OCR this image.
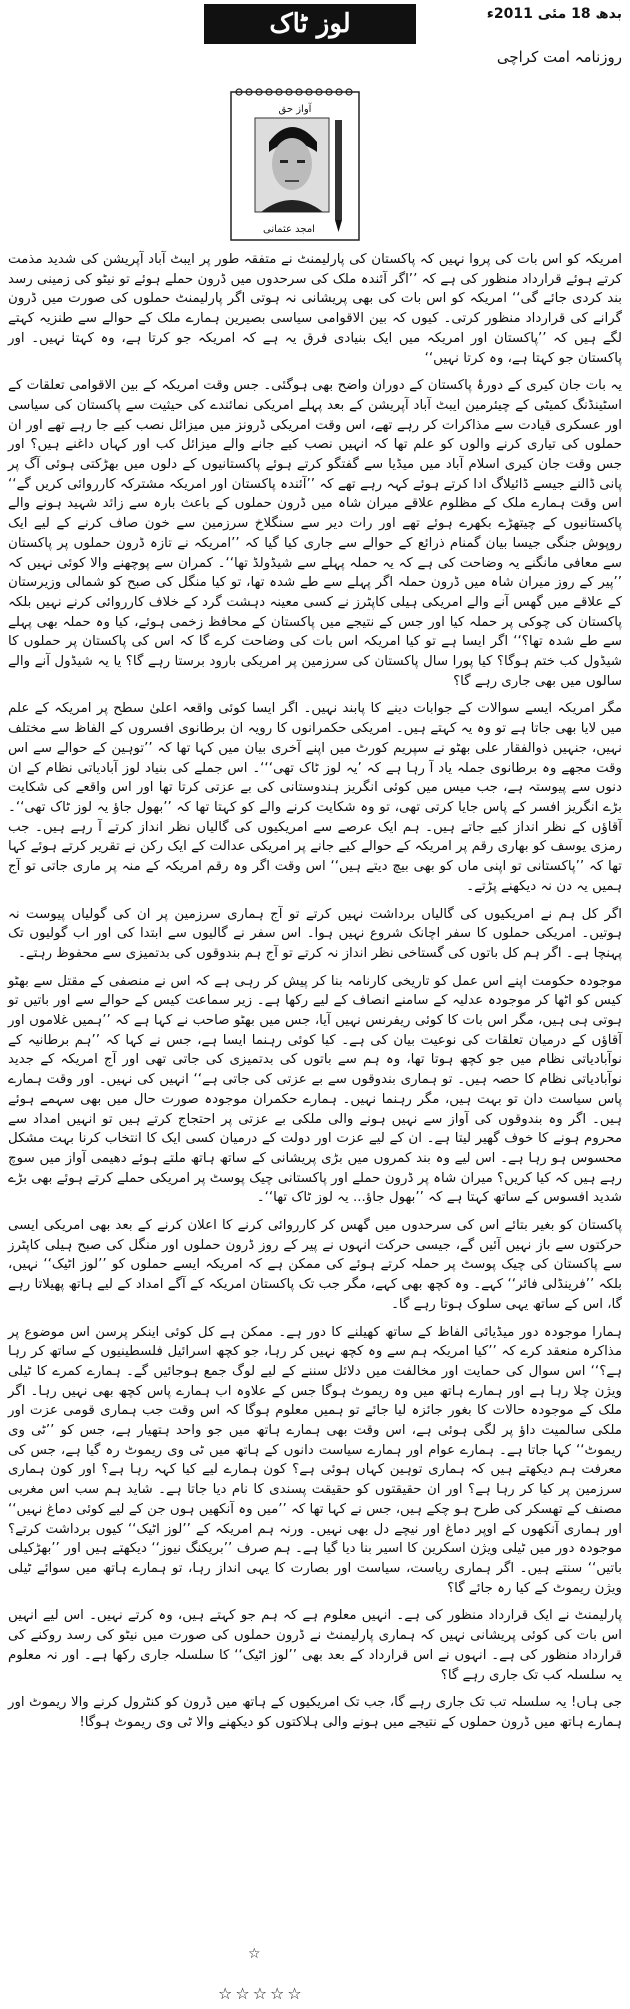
بدھ 18 مئی 2011ء
لوز ٹاک
روزنامہ امت کراچی
آواز حق
امجد عثمانی

امریکہ کو اس بات کی پروا نہیں کہ پاکستان کی پارلیمنٹ نے متفقہ طور پر ایبٹ آباد آپریشن کی شدید مذمت کرتے ہوئے قرارداد منظور کی ہے کہ ’’اگر آئندہ ملک کی سرحدوں میں ڈرون حملے ہوئے تو نیٹو کی زمینی رسد بند کردی جائے گی‘‘ امریکہ کو اس بات کی بھی پریشانی نہ ہوتی اگر پارلیمنٹ حملوں کی صورت میں ڈرون گرانے کی قرارداد منظور کرتی۔ کیوں کہ بین الاقوامی سیاسی بصیرین ہمارے ملک کے حوالے سے طنزیہ کہتے لگے ہیں کہ ’’پاکستان اور امریکہ میں ایک بنیادی فرق یہ ہے کہ امریکہ جو کرتا ہے، وہ کہتا نہیں۔ اور پاکستان جو کہتا ہے، وہ کرتا نہیں‘‘

یہ بات جان کیری کے دورۂ پاکستان کے دوران واضح بھی ہوگئی۔ جس وقت امریکہ کے بین الاقوامی تعلقات کے اسٹینڈنگ کمیٹی کے چیئرمین ایبٹ آباد آپریشن کے بعد پہلے امریکی نمائندے کی حیثیت سے پاکستان کی سیاسی اور عسکری قیادت سے مذاکرات کر رہے تھے، اس وقت امریکی ڈرونز میں میزائل نصب کیے جا رہے تھے اور ان حملوں کی تیاری کرنے والوں کو علم تھا کہ انہیں نصب کیے جانے والے میزائل کب اور کہاں داغنے ہیں؟ اور جس وقت جان کیری اسلام آباد میں میڈیا سے گفتگو کرتے ہوئے پاکستانیوں کے دلوں میں بھڑکتی ہوئی آگ پر پانی ڈالنے جیسے ڈائیلاگ ادا کرتے ہوئے کہہ رہے تھے کہ ’’آئندہ پاکستان اور امریکہ مشترکہ کارروائی کریں گے‘‘ اس وقت ہمارے ملک کے مظلوم علاقے میران شاہ میں ڈرون حملوں کے باعث بارہ سے زائد شہید ہونے والے پاکستانیوں کے چیتھڑے بکھرے ہوئے تھے اور رات دیر سے سنگلاخ سرزمین سے خون صاف کرنے کے لیے ایک روپوش جنگی جیسا بیان گمنام ذرائع کے حوالے سے جاری کیا گیا کہ ’’امریکہ نے تازہ ڈرون حملوں پر پاکستان سے معافی مانگنے یہ وضاحت کی ہے کہ یہ حملہ پہلے سے شیڈولڈ تھا‘‘۔ کمران سے پوچھنے والا کوئی نہیں کہ ’’پیر کے روز میران شاہ میں ڈرون حملہ اگر پہلے سے طے شدہ تھا، تو کیا منگل کی صبح کو شمالی وزیرستان کے علاقے میں گھس آنے والے امریکی ہیلی کاپٹرز نے کسی معینہ دہشت گرد کے خلاف کارروائی کرنے نہیں بلکہ پاکستان کی چوکی پر حملہ کیا اور جس کے نتیجے میں پاکستان کے محافظ زخمی ہوئے، کیا وہ حملہ بھی پہلے سے طے شدہ تھا؟‘‘ اگر ایسا ہے تو کیا امریکہ اس بات کی وضاحت کرے گا کہ اس کی پاکستان پر حملوں کا شیڈول کب ختم ہوگا؟ کیا پورا سال پاکستان کی سرزمین پر امریکی بارود برستا رہے گا؟ یا یہ شیڈول آنے والے سالوں میں بھی جاری رہے گا؟

مگر امریکہ ایسے سوالات کے جوابات دینے کا پابند نہیں۔ اگر ایسا کوئی واقعہ اعلیٰ سطح پر امریکہ کے علم میں لایا بھی جاتا ہے تو وہ یہ کہتے ہیں۔ امریکی حکمرانوں کا رویہ ان برطانوی افسروں کے الفاظ سے مختلف نہیں، جنہیں ذوالفقار علی بھٹو نے سپریم کورٹ میں اپنے آخری بیان میں کہا تھا کہ ’’توہین کے حوالے سے اس وقت مجھے وہ برطانوی جملہ یاد آ رہا ہے کہ ’یہ لوز ٹاک تھی‘‘‘۔ اس جملے کی بنیاد لوز آبادیاتی نظام کے ان دنوں سے پیوستہ ہے، جب میس میں کوئی انگریز ہندوستانی کی بے عزتی کرتا تھا اور اس واقعے کی شکایت بڑے انگریز افسر کے پاس جایا کرتی تھی، تو وہ شکایت کرنے والے کو کہتا تھا کہ ’’بھول جاؤ یہ لوز ٹاک تھی‘‘۔ آقاؤں کے نظر انداز کیے جاتے ہیں۔ ہم ایک عرصے سے امریکیوں کی گالیاں نظر انداز کرتے آ رہے ہیں۔ جب رمزی یوسف کو بھاری رقم پر امریکہ کے حوالے کیے جانے پر امریکی عدالت کے ایک رکن نے تقریر کرتے ہوئے کہا تھا کہ ’’پاکستانی تو اپنی ماں کو بھی بیچ دیتے ہیں‘‘ اس وقت اگر وہ رقم امریکہ کے منہ پر ماری جاتی تو آج ہمیں یہ دن نہ دیکھنے پڑتے۔

اگر کل ہم نے امریکیوں کی گالیاں برداشت نہیں کرتے تو آج ہماری سرزمین پر ان کی گولیاں پیوست نہ ہوتیں۔ امریکی حملوں کا سفر اچانک شروع نہیں ہوا۔ اس سفر نے گالیوں سے ابتدا کی اور اب گولیوں تک پہنچا ہے۔ اگر ہم کل باتوں کی گستاخی نظر انداز نہ کرتے تو آج ہم بندوقوں کی بدتمیزی سے محفوظ رہتے۔

موجودہ حکومت اپنے اس عمل کو تاریخی کارنامہ بنا کر پیش کر رہی ہے کہ اس نے منصفی کے مقتل سے بھٹو کیس کو اٹھا کر موجودہ عدلیہ کے سامنے انصاف کے لیے رکھا ہے۔ زیر سماعت کیس کے حوالے سے اور باتیں تو ہوتی ہی ہیں، مگر اس بات کا کوئی ریفرنس نہیں آیا، جس میں بھٹو صاحب نے کہا ہے کہ ’’ہمیں غلاموں اور آقاؤں کے درمیان تعلقات کی نوعیت بیان کی ہے۔ کیا کوئی رہنما ایسا ہے، جس نے کہا کہ ’’ہم برطانیہ کے نوآبادیاتی نظام میں جو کچھ ہوتا تھا، وہ ہم سے باتوں کی بدتمیزی کی جاتی تھی اور آج امریکہ کے جدید نوآبادیاتی نظام کا حصہ ہیں۔ تو ہماری بندوقوں سے بے عزتی کی جاتی ہے‘‘ انہیں کی نہیں۔ اور وقت ہمارے پاس سیاست دان تو بہت ہیں، مگر رہنما نہیں۔ ہمارے حکمران موجودہ صورت حال میں بھی سہمے ہوئے ہیں۔ اگر وہ بندوقوں کی آواز سے نہیں ہونے والی ملکی بے عزتی پر احتجاج کرتے ہیں تو انہیں امداد سے محروم ہونے کا خوف گھیر لیتا ہے۔ ان کے لیے عزت اور دولت کے درمیان کسی ایک کا انتخاب کرنا بہت مشکل محسوس ہو رہا ہے۔ اس لیے وہ بند کمروں میں بڑی پریشانی کے ساتھ ہاتھ ملتے ہوئے دھیمی آواز میں سوچ رہے ہیں کہ کیا کریں؟ میران شاہ پر ڈرون حملے اور پاکستانی چیک پوسٹ پر امریکی حملے کرتے ہوئے بھی بڑے شدید افسوس کے ساتھ کہتا ہے کہ ’’بھول جاؤ... یہ لوز ٹاک تھا‘‘۔

پاکستان کو بغیر بتائے اس کی سرحدوں میں گھس کر کارروائی کرنے کا اعلان کرنے کے بعد بھی امریکی ایسی حرکتوں سے باز نہیں آئیں گے، جیسی حرکت انہوں نے پیر کے روز ڈرون حملوں اور منگل کی صبح ہیلی کاپٹرز سے پاکستان کی چیک پوسٹ پر حملہ کرتے ہوئے کی ممکن ہے کہ امریکہ ایسے حملوں کو ’’لوز اٹیک‘‘ نہیں، بلکہ ’’فرینڈلی فائر‘‘ کہے۔ وہ کچھ بھی کہے، مگر جب تک پاکستان امریکہ کے آگے امداد کے لیے ہاتھ پھیلاتا رہے گا، اس کے ساتھ یہی سلوک ہوتا رہے گا۔

ہمارا موجودہ دور میڈیائی الفاظ کے ساتھ کھیلنے کا دور ہے۔ ممکن ہے کل کوئی اینکر پرسن اس موضوع پر مذاکرہ منعقد کرے کہ ’’کیا امریکہ ہم سے وہ کچھ نہیں کر رہا، جو کچھ اسرائیل فلسطینیوں کے ساتھ کر رہا ہے؟‘‘ اس سوال کی حمایت اور مخالفت میں دلائل سننے کے لیے لوگ جمع ہوجائیں گے۔ ہمارے کمرے کا ٹیلی ویژن چلا رہا ہے اور ہمارے ہاتھ میں وہ ریموٹ ہوگا جس کے علاوہ اب ہمارے پاس کچھ بھی نہیں رہا۔ اگر ملک کے موجودہ حالات کا بغور جائزہ لیا جائے تو ہمیں معلوم ہوگا کہ اس وقت جب ہماری قومی عزت اور ملکی سالمیت داؤ پر لگی ہوئی ہے، اس وقت بھی ہمارے ہاتھ میں جو واحد ہتھیار ہے، جس کو ’’ٹی وی ریموٹ‘‘ کہا جاتا ہے۔ ہمارے عوام اور ہمارے سیاست دانوں کے ہاتھ میں ٹی وی ریموٹ رہ گیا ہے، جس کی معرفت ہم دیکھتے ہیں کہ ہماری توہین کہاں ہوئی ہے؟ کون ہمارے لیے کیا کہہ رہا ہے؟ اور کون ہماری سرزمین پر کیا کر رہا ہے؟ اور ان حقیقتوں کو حقیقت پسندی کا نام دیا جاتا ہے۔ شاید ہم سب اس مغربی مصنف کے تھسکر کی طرح ہو چکے ہیں، جس نے کہا تھا کہ ’’میں وہ آنکھیں ہوں جن کے لیے کوئی دماغ نہیں‘‘ اور ہماری آنکھوں کے اوپر دماغ اور نیچے دل بھی نہیں۔ ورنہ ہم امریکہ کے ’’لوز اٹیک‘‘ کیوں برداشت کرتے؟ موجودہ دور میں ٹیلی ویژن اسکرین کا اسیر بنا دیا گیا ہے۔ ہم صرف ’’بریکنگ نیوز‘‘ دیکھتے ہیں اور ’’بھڑکیلی باتیں‘‘ سنتے ہیں۔ اگر ہماری ریاست، سیاست اور بصارت کا یہی انداز رہا، تو ہمارے ہاتھ میں سوائے ٹیلی ویژن ریموٹ کے کیا رہ جائے گا؟

پارلیمنٹ نے ایک قرارداد منظور کی ہے۔ انہیں معلوم ہے کہ ہم جو کہتے ہیں، وہ کرتے نہیں۔ اس لیے انہیں اس بات کی کوئی پریشانی نہیں کہ ہماری پارلیمنٹ نے ڈرون حملوں کی صورت میں نیٹو کی رسد روکنے کی قرارداد منظور کی ہے۔ انہوں نے اس قرارداد کے بعد بھی ’’لوز اٹیک‘‘ کا سلسلہ جاری رکھا ہے۔ اور نہ معلوم یہ سلسلہ کب تک جاری رہے گا؟

جی ہاں! یہ سلسلہ تب تک جاری رہے گا، جب تک امریکیوں کے ہاتھ میں ڈرون کو کنٹرول کرنے والا ریموٹ اور ہمارے ہاتھ میں ڈرون حملوں کے نتیجے میں ہونے والی ہلاکتوں کو دیکھنے والا ٹی وی ریموٹ ہوگا!

☆
☆☆☆☆☆
